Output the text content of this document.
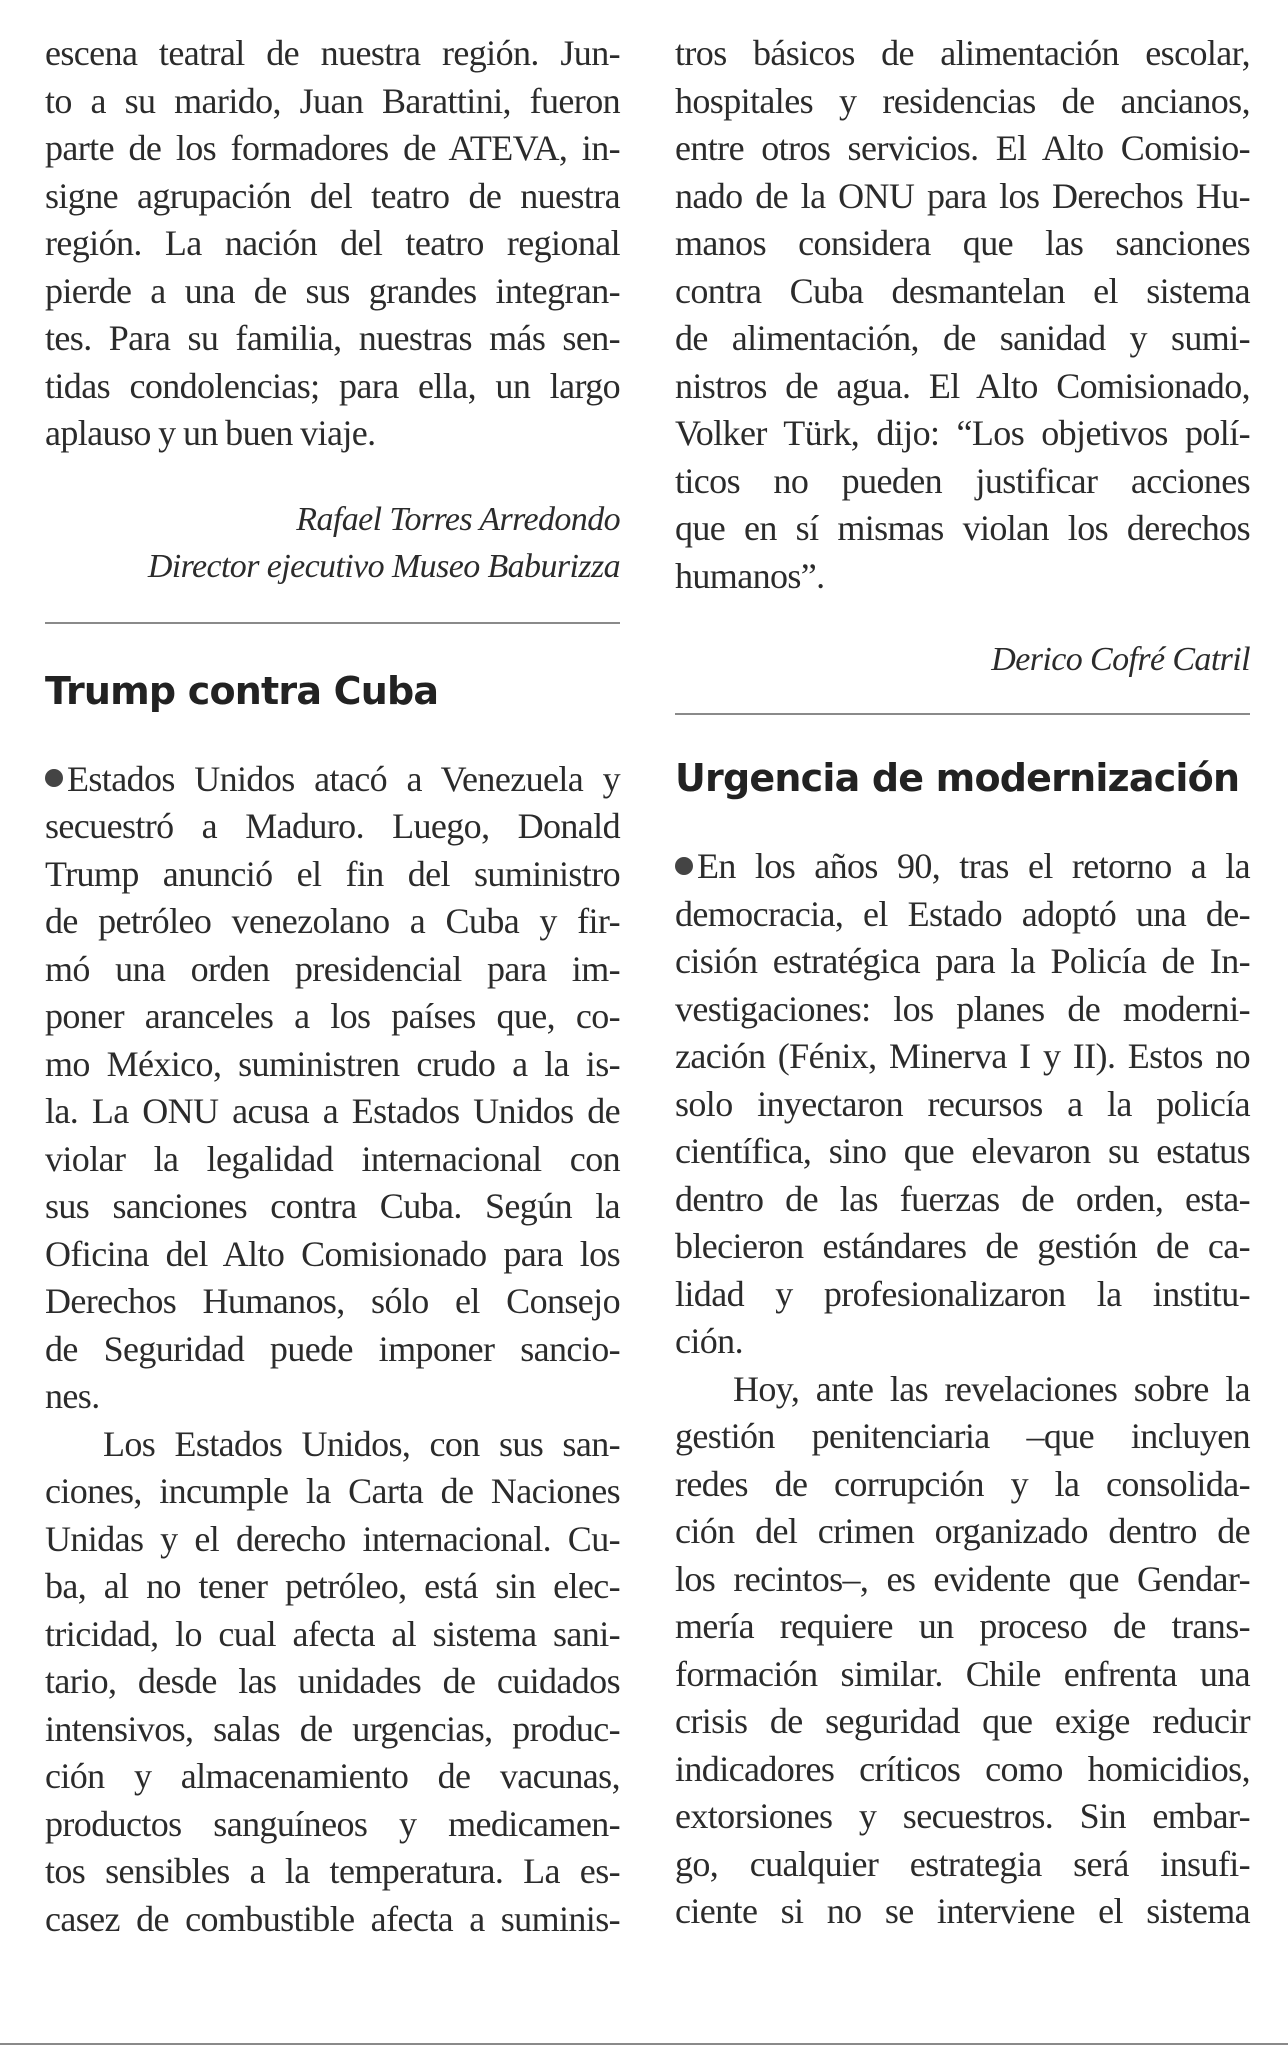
escena teatral de nuestra región. Jun-
to a su marido, Juan Barattini, fueron
parte de los formadores de ATEVA, in-
signe agrupación del teatro de nuestra
región. La nación del teatro regional
pierde a una de sus grandes integran-
tes. Para su familia, nuestras más sen-
tidas condolencias; para ella, un largo
aplauso y un buen viaje.

Rafael Torres Arredondo

Director ejecutivo Museo Baburizza

Trump contra Cuba

Estados Unidos atacó a Venezuela y
secuestró a Maduro. Luego, Donald
Trump anunció el fin del suministro
de petróleo venezolano a Cuba y fir-
mó una orden presidencial para im-
poner aranceles a los países que, co-
mo México, suministren crudo a la is-
la. La ONU acusa a Estados Unidos de
violar la legalidad internacional con
sus sanciones contra Cuba. Según la
Oficina del Alto Comisionado para los
Derechos Humanos, sólo el Consejo
de Seguridad puede imponer sancio-
nes.

Los Estados Unidos, con sus san-
ciones, incumple la Carta de Naciones
Unidas y el derecho internacional. Cu-
ba, al no tener petróleo, está sin elec-
tricidad, lo cual afecta al sistema sani-
tario, desde las unidades de cuidados
intensivos, salas de urgencias, produc-
ción y almacenamiento de vacunas,
productos sanguíneos y medicamen-
tos sensibles a la temperatura. La es-
casez de combustible afecta a suminis-

tros básicos de alimentación escolar,
hospitales y residencias de ancianos,
entre otros servicios. El Alto Comisio-
nado de la ONU para los Derechos Hu-
manos considera que las sanciones
contra Cuba desmantelan el sistema
de alimentación, de sanidad y sumi-
nistros de agua. El Alto Comisionado,
Volker Türk, dijo: “Los objetivos polí-
ticos no pueden justificar acciones
que en sí mismas violan los derechos
humanos”.

Derico Cofré Catril

Urgencia de modernización

En los años 90, tras el retorno a la
democracia, el Estado adoptó una de-
cisión estratégica para la Policía de In-
vestigaciones: los planes de moderni-
zación (Fénix, Minerva I y II). Estos no
solo inyectaron recursos a la policía
científica, sino que elevaron su estatus
dentro de las fuerzas de orden, esta-
blecieron estándares de gestión de ca-
lidad y profesionalizaron la institu-
ción.

Hoy, ante las revelaciones sobre la
gestión penitenciaria –que incluyen
redes de corrupción y la consolida-
ción del crimen organizado dentro de
los recintos–, es evidente que Gendar-
mería requiere un proceso de trans-
formación similar. Chile enfrenta una
crisis de seguridad que exige reducir
indicadores críticos como homicidios,
extorsiones y secuestros. Sin embar-
go, cualquier estrategia será insufi-
ciente si no se interviene el sistema
